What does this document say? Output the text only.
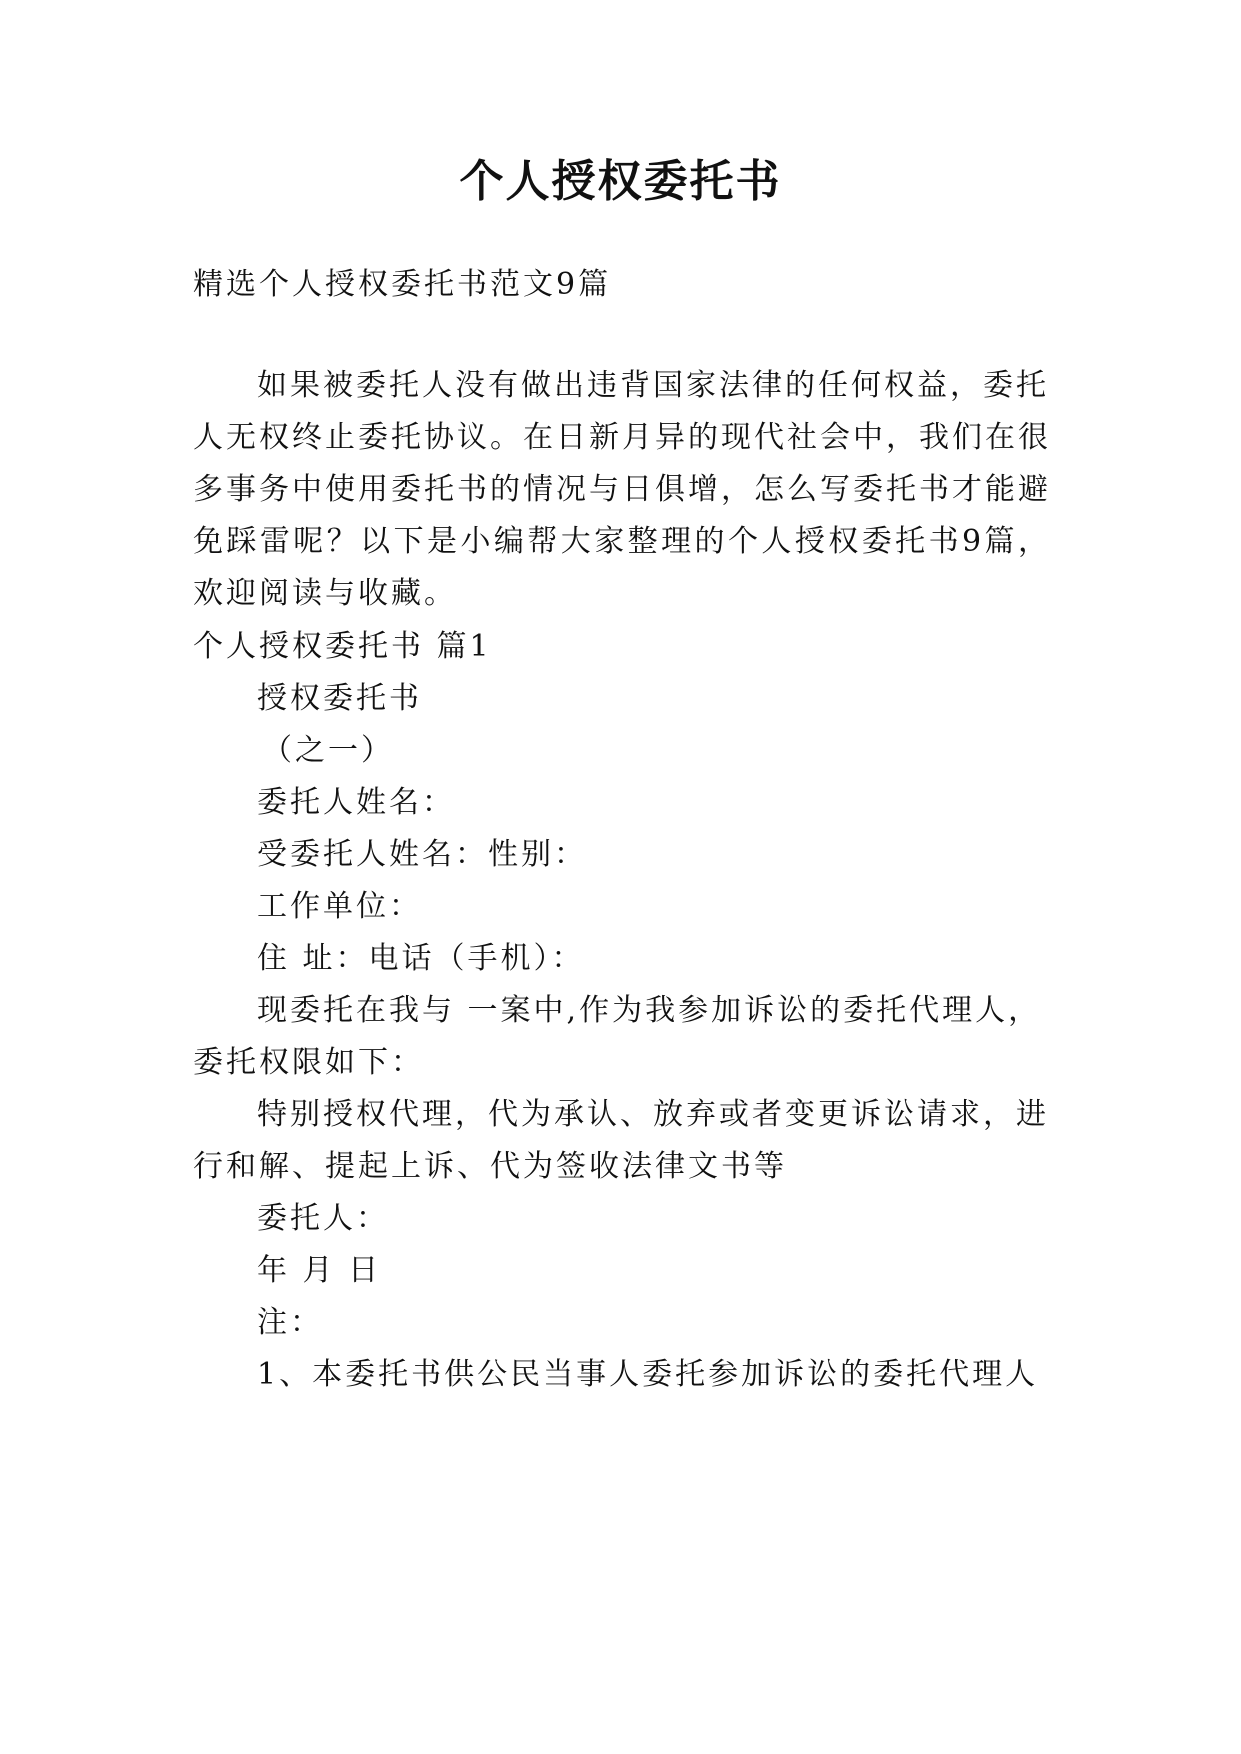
个人授权委托书
精选个人授权委托书范文9篇
如果被委托人没有做出违背国家法律的任何权益，委托
人无权终止委托协议。在日新月异的现代社会中，我们在很
多事务中使用委托书的情况与日俱增，怎么写委托书才能避
免踩雷呢？以下是小编帮大家整理的个人授权委托书9篇，
欢迎阅读与收藏。
个人授权委托书 篇1
授权委托书
（之一）
委托人姓名：
受委托人姓名：性别：
工作单位：
住 址：电话（手机）：
现委托在我与 一案中,作为我参加诉讼的委托代理人，
委托权限如下：
特别授权代理，代为承认、放弃或者变更诉讼请求，进
行和解、提起上诉、代为签收法律文书等
委托人：
年 月 日
注：
1、本委托书供公民当事人委托参加诉讼的委托代理人
